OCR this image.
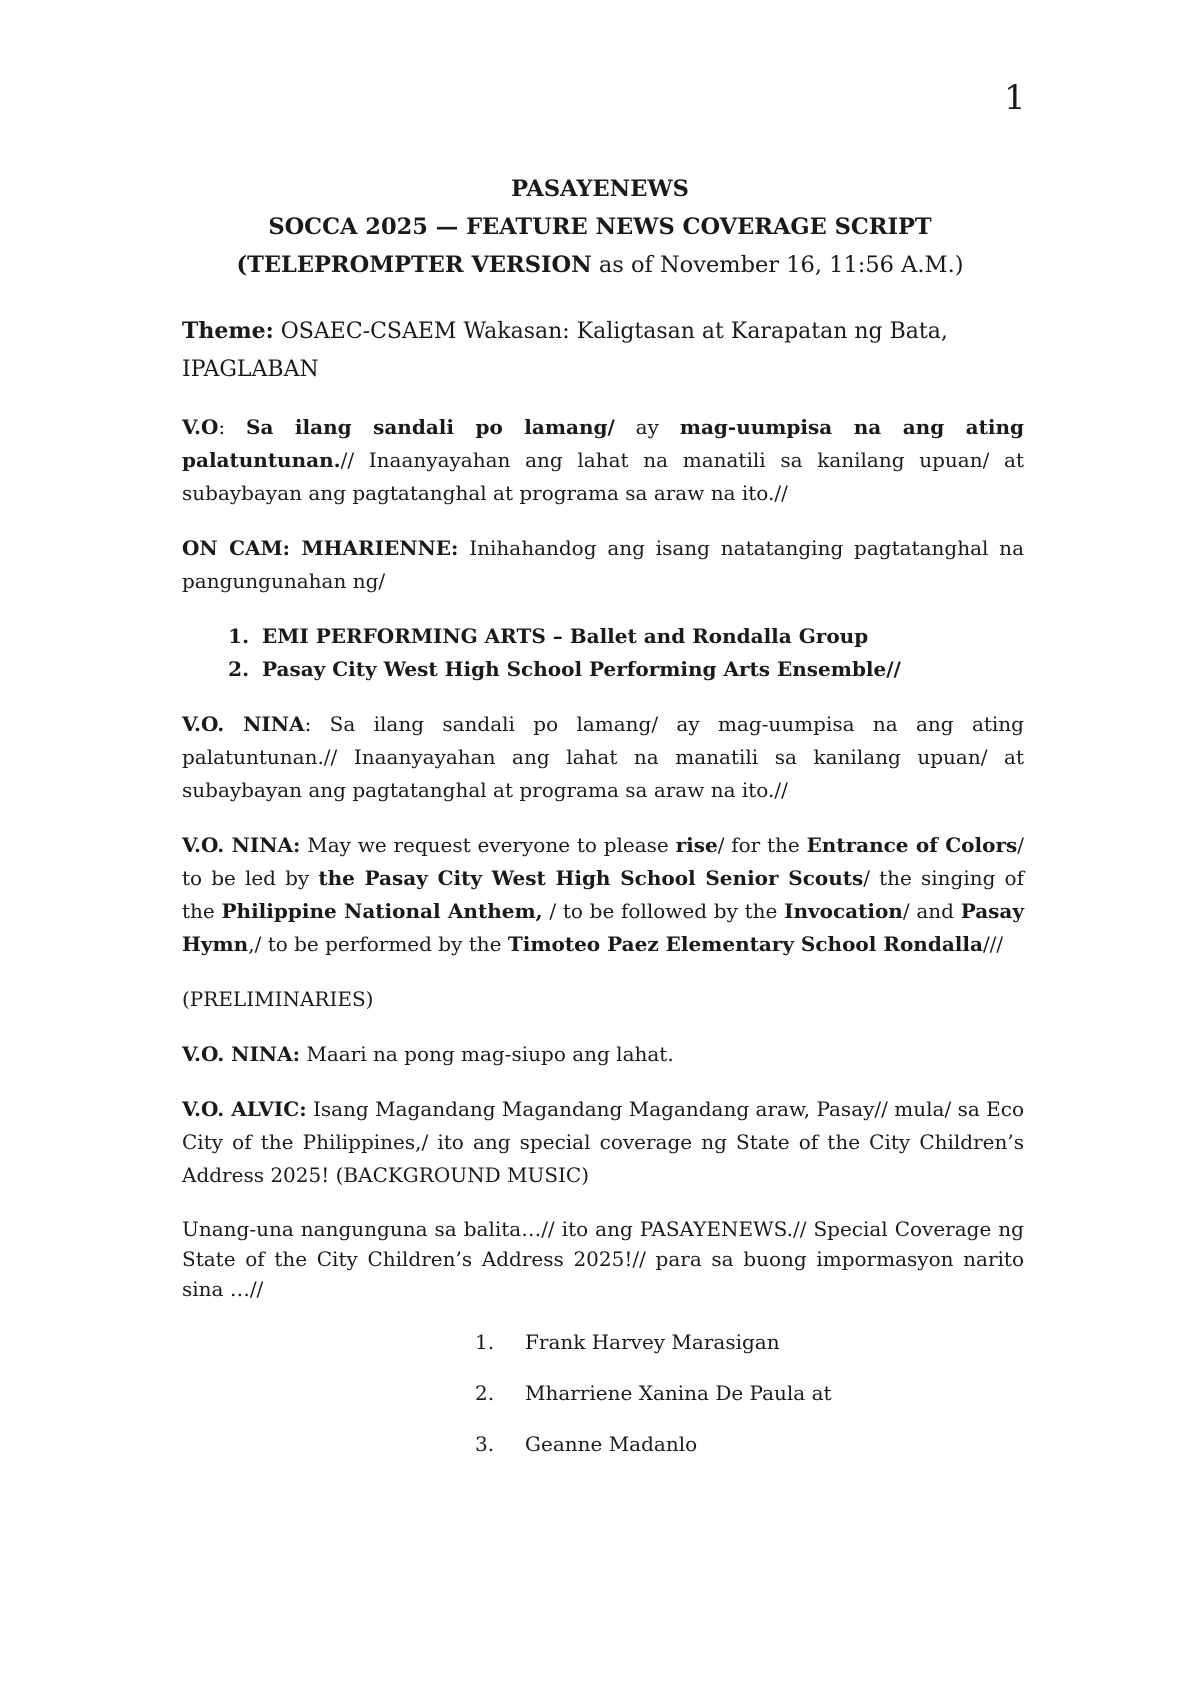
1
PASAYENEWS
SOCCA 2025 — FEATURE NEWS COVERAGE SCRIPT
(TELEPROMPTER VERSION as of November 16, 11:56 A.M.)

Theme: OSAEC-CSAEM Wakasan: Kaligtasan at Karapatan ng Bata, IPAGLABAN

V.O: Sa ilang sandali po lamang/ ay mag-uumpisa na ang ating palatuntunan.// Inaanyayahan ang lahat na manatili sa kanilang upuan/ at subaybayan ang pagtatanghal at programa sa araw na ito.//

ON CAM: MHARIENNE: Inihahandog ang isang natatanging pagtatanghal na pangungunahan ng/

1. EMI PERFORMING ARTS – Ballet and Rondalla Group
2. Pasay City West High School Performing Arts Ensemble//

V.O. NINA: Sa ilang sandali po lamang/ ay mag-uumpisa na ang ating palatuntunan.// Inaanyayahan ang lahat na manatili sa kanilang upuan/ at subaybayan ang pagtatanghal at programa sa araw na ito.//

V.O. NINA: May we request everyone to please rise/ for the Entrance of Colors/ to be led by the Pasay City West High School Senior Scouts/ the singing of the Philippine National Anthem, / to be followed by the Invocation/ and Pasay Hymn,/ to be performed by the Timoteo Paez Elementary School Rondalla///

(PRELIMINARIES)

V.O. NINA: Maari na pong mag-siupo ang lahat.

V.O. ALVIC: Isang Magandang Magandang Magandang araw, Pasay// mula/ sa Eco City of the Philippines,/ ito ang special coverage ng State of the City Children’s Address 2025! (BACKGROUND MUSIC)

Unang-una nangunguna sa balita…// ito ang PASAYENEWS.// Special Coverage ng State of the City Children’s Address 2025!// para sa buong impormasyon narito sina …//

1.	Frank Harvey Marasigan
2.	Mharriene Xanina De Paula at
3.	Geanne Madanlo
